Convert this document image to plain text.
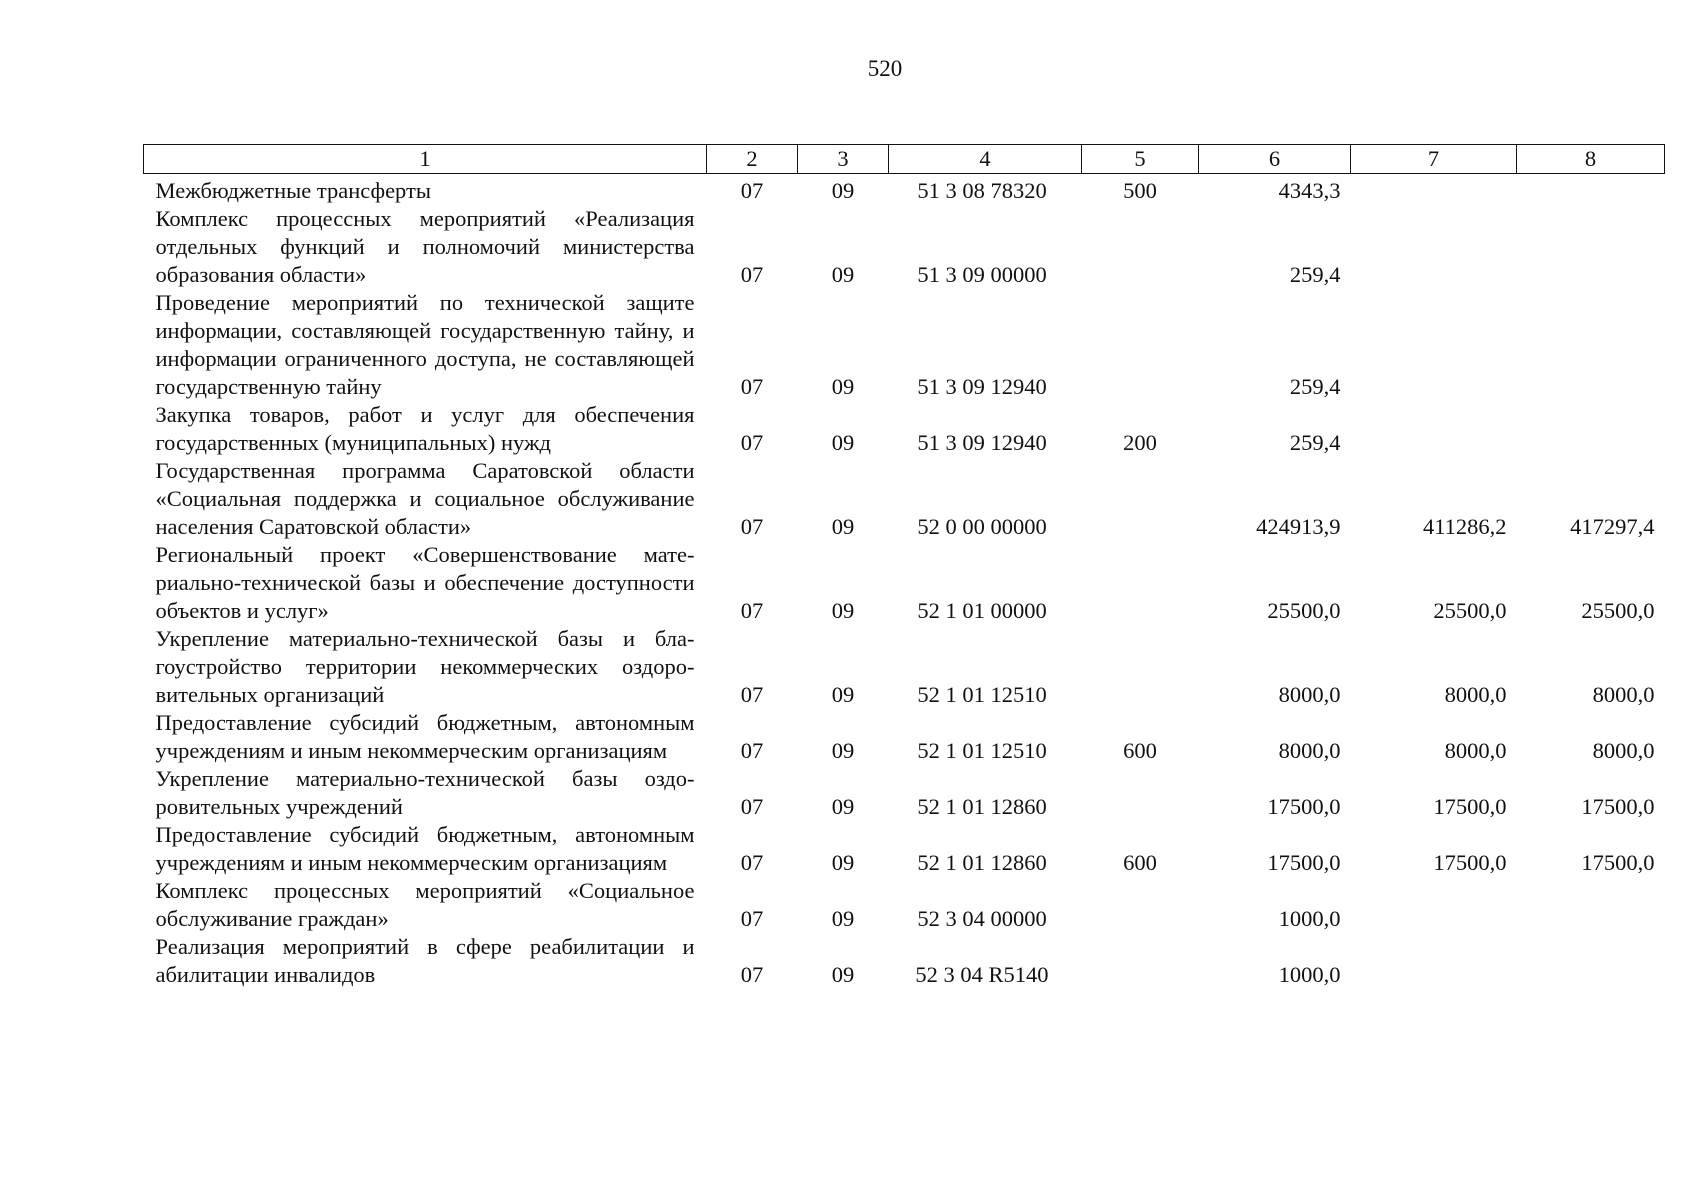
520
1	2	3	4	5	6	7	8
Межбюджетные трансферты	07	09	51 3 08 78320	500	4343,3		
Комплекс процессных мероприятий «Реализация отдельных функций и полномочий министерства образования области»	07	09	51 3 09 00000		259,4		
Проведение мероприятий по технической защите информации, составляющей государственную тайну, и информации ограниченного доступа, не составляющей государственную тайну	07	09	51 3 09 12940		259,4		
Закупка товаров, работ и услуг для обеспечения государственных (муниципальных) нужд	07	09	51 3 09 12940	200	259,4		
Государственная программа Саратовской области «Социальная поддержка и социальное обслуживание населения Саратовской области»	07	09	52 0 00 00000		424913,9	411286,2	417297,4
Региональный проект «Совершенствование материально-технической базы и обеспечение доступности объектов и услуг»	07	09	52 1 01 00000		25500,0	25500,0	25500,0
Укрепление материально-технической базы и благоустройство территории некоммерческих оздоровительных организаций	07	09	52 1 01 12510		8000,0	8000,0	8000,0
Предоставление субсидий бюджетным, автономным учреждениям и иным некоммерческим организациям	07	09	52 1 01 12510	600	8000,0	8000,0	8000,0
Укрепление материально-технической базы оздоровительных учреждений	07	09	52 1 01 12860		17500,0	17500,0	17500,0
Предоставление субсидий бюджетным, автономным учреждениям и иным некоммерческим организациям	07	09	52 1 01 12860	600	17500,0	17500,0	17500,0
Комплекс процессных мероприятий «Социальное обслуживание граждан»	07	09	52 3 04 00000		1000,0		
Реализация мероприятий в сфере реабилитации и абилитации инвалидов	07	09	52 3 04 R5140		1000,0		
